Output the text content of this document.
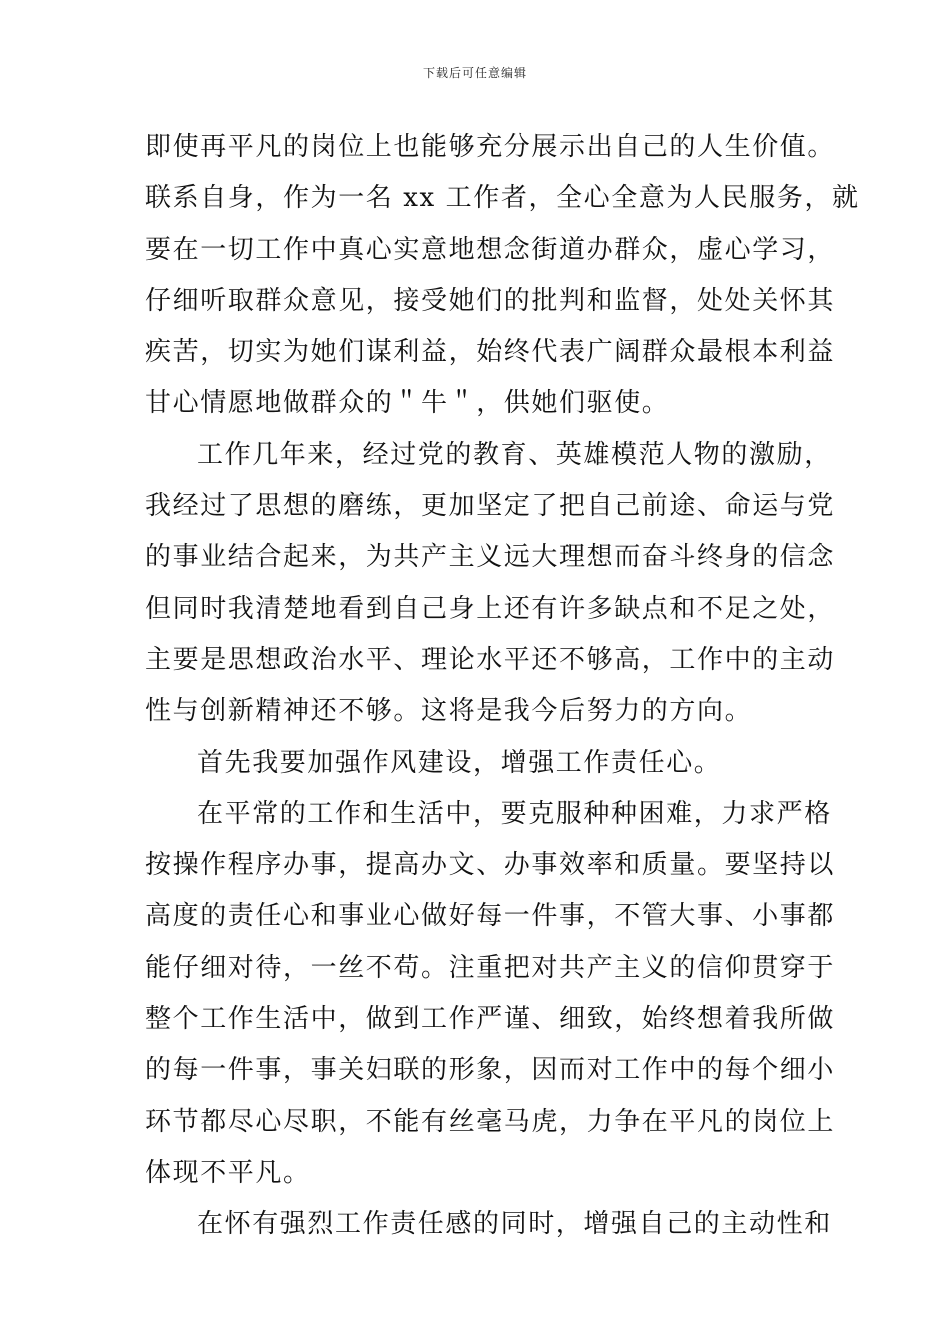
下载后可任意编辑
即使再平凡的岗位上也能够充分展示出自己的人生价值。
联系自身，作为一名 xx 工作者，全心全意为人民服务，就
要在一切工作中真心实意地想念街道办群众，虚心学习，
仔细听取群众意见，接受她们的批判和监督，处处关怀其
疾苦，切实为她们谋利益，始终代表广阔群众最根本利益
甘心情愿地做群众的＂牛＂，供她们驱使。
工作几年来，经过党的教育、英雄模范人物的激励，
我经过了思想的磨练，更加坚定了把自己前途、命运与党
的事业结合起来，为共产主义远大理想而奋斗终身的信念
但同时我清楚地看到自己身上还有许多缺点和不足之处，
主要是思想政治水平、理论水平还不够高，工作中的主动
性与创新精神还不够。这将是我今后努力的方向。
首先我要加强作风建设，增强工作责任心。
在平常的工作和生活中，要克服种种困难，力求严格
按操作程序办事，提高办文、办事效率和质量。要坚持以
高度的责任心和事业心做好每一件事，不管大事、小事都
能仔细对待，一丝不苟。注重把对共产主义的信仰贯穿于
整个工作生活中，做到工作严谨、细致，始终想着我所做
的每一件事，事关妇联的形象，因而对工作中的每个细小
环节都尽心尽职，不能有丝毫马虎，力争在平凡的岗位上
体现不平凡。
在怀有强烈工作责任感的同时，增强自己的主动性和
